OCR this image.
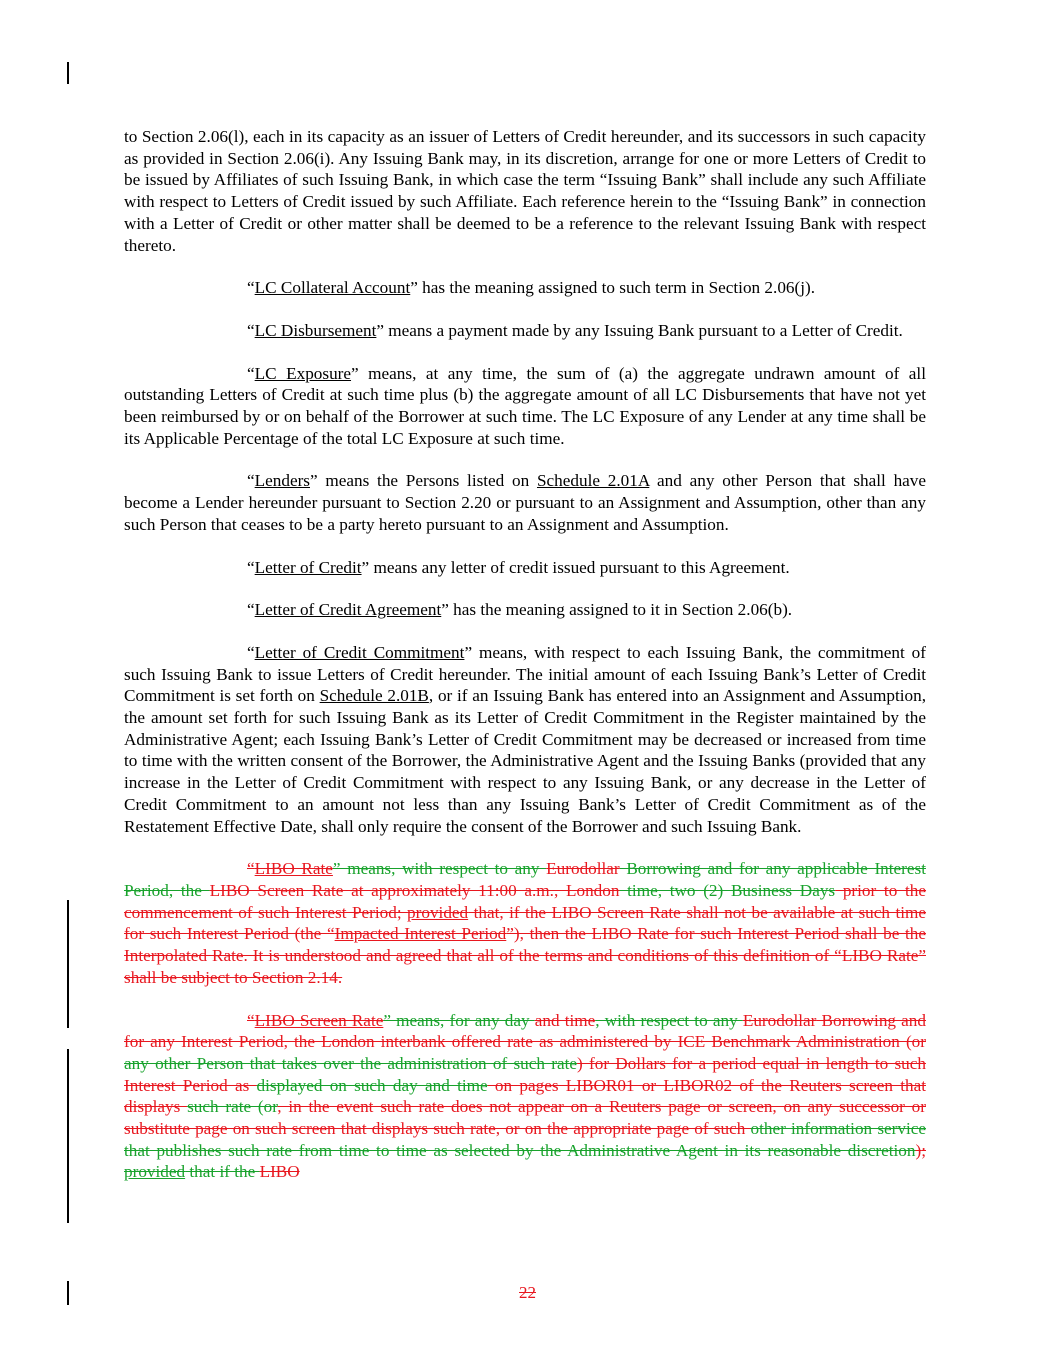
to Section 2.06(l), each in its capacity as an issuer of Letters of Credit hereunder, and its successors in such capacity as provided in Section 2.06(i). Any Issuing Bank may, in its discretion, arrange for one or more Letters of Credit to be issued by Affiliates of such Issuing Bank, in which case the term “Issuing Bank” shall include any such Affiliate with respect to Letters of Credit issued by such Affiliate. Each reference herein to the “Issuing Bank” in connection with a Letter of Credit or other matter shall be deemed to be a reference to the relevant Issuing Bank with respect thereto.

“LC Collateral Account” has the meaning assigned to such term in Section 2.06(j).

“LC Disbursement” means a payment made by any Issuing Bank pursuant to a Letter of Credit.

“LC Exposure” means, at any time, the sum of (a) the aggregate undrawn amount of all outstanding Letters of Credit at such time plus (b) the aggregate amount of all LC Disbursements that have not yet been reimbursed by or on behalf of the Borrower at such time. The LC Exposure of any Lender at any time shall be its Applicable Percentage of the total LC Exposure at such time.

“Lenders” means the Persons listed on Schedule 2.01A and any other Person that shall have become a Lender hereunder pursuant to Section 2.20 or pursuant to an Assignment and Assumption, other than any such Person that ceases to be a party hereto pursuant to an Assignment and Assumption.

“Letter of Credit” means any letter of credit issued pursuant to this Agreement.

“Letter of Credit Agreement” has the meaning assigned to it in Section 2.06(b).

“Letter of Credit Commitment” means, with respect to each Issuing Bank, the commitment of such Issuing Bank to issue Letters of Credit hereunder. The initial amount of each Issuing Bank’s Letter of Credit Commitment is set forth on Schedule 2.01B, or if an Issuing Bank has entered into an Assignment and Assumption, the amount set forth for such Issuing Bank as its Letter of Credit Commitment in the Register maintained by the Administrative Agent; each Issuing Bank’s Letter of Credit Commitment may be decreased or increased from time to time with the written consent of the Borrower, the Administrative Agent and the Issuing Banks (provided that any increase in the Letter of Credit Commitment with respect to any Issuing Bank, or any decrease in the Letter of Credit Commitment to an amount not less than any Issuing Bank’s Letter of Credit Commitment as of the Restatement Effective Date, shall only require the consent of the Borrower and such Issuing Bank.

“LIBO Rate” means, with respect to any Eurodollar Borrowing and for any applicable Interest Period, the LIBO Screen Rate at approximately 11:00 a.m., London time, two (2) Business Days prior to the commencement of such Interest Period; provided that, if the LIBO Screen Rate shall not be available at such time for such Interest Period (the “Impacted Interest Period”), then the LIBO Rate for such Interest Period shall be the Interpolated Rate. It is understood and agreed that all of the terms and conditions of this definition of “LIBO Rate” shall be subject to Section 2.14.

“LIBO Screen Rate” means, for any day and time, with respect to any Eurodollar Borrowing and for any Interest Period, the London interbank offered rate as administered by ICE Benchmark Administration (or any other Person that takes over the administration of such rate) for Dollars for a period equal in length to such Interest Period as displayed on such day and time on pages LIBOR01 or LIBOR02 of the Reuters screen that displays such rate (or, in the event such rate does not appear on a Reuters page or screen, on any successor or substitute page on such screen that displays such rate, or on the appropriate page of such other information service that publishes such rate from time to time as selected by the Administrative Agent in its reasonable discretion); provided that if the LIBO

22
